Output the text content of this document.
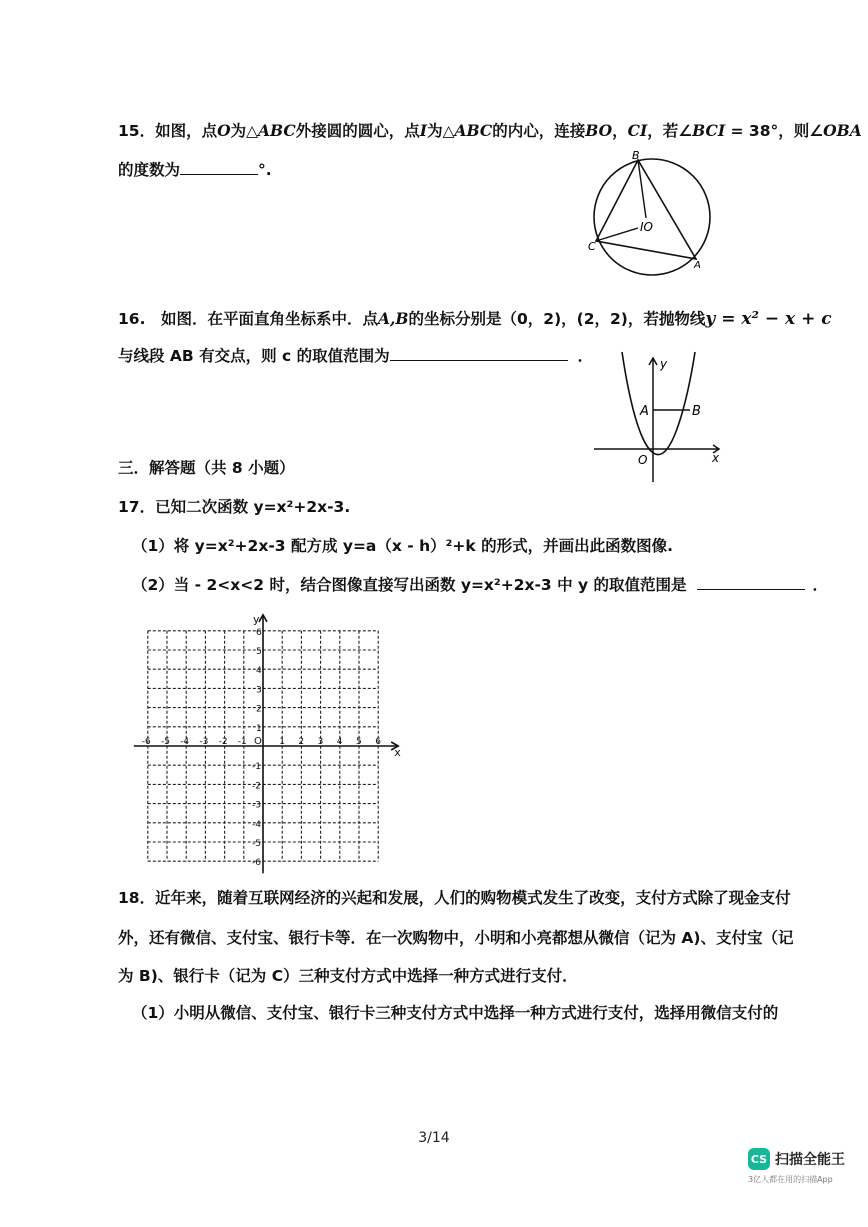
15．如图，点O为△ABC外接圆的圆心，点I为△ABC的内心，连接BO，CI，若∠BCI = 38°，则∠OBA
的度数为	°.
B
C
A
IO
16.　如图．在平面直角坐标系中．点A,B的坐标分别是（0，2)，(2，2)，若抛物线y = x² − x + c
与线段 AB 有交点，则 c 的取值范围为	．	y
x
O
A	B
三．解答题（共 8 小题）
17．已知二次函数 y=x²+2x-3.
（1）将 y=x²+2x-3 配方成 y=a（x - h）²+k 的形式，并画出此函数图像.
（2）当 - 2<x<2 时，结合图像直接写出函数 y=x²+2x-3 中 y 的取值范围是	．
y
x
O
-6 -5 -4 -3 -2 -1	1 2 3 4 5 6
6
5
4
3
2
1
-1
-2
-3
-4
-5
-6
18．近年来，随着互联网经济的兴起和发展，人们的购物模式发生了改变，支付方式除了现金支付
外，还有微信、支付宝、银行卡等．在一次购物中，小明和小亮都想从微信（记为 A)、支付宝（记
为 B)、银行卡（记为 C）三种支付方式中选择一种方式进行支付．
（1）小明从微信、支付宝、银行卡三种支付方式中选择一种方式进行支付，选择用微信支付的
3/14
CS 扫描全能王
3亿人都在用的扫描App
